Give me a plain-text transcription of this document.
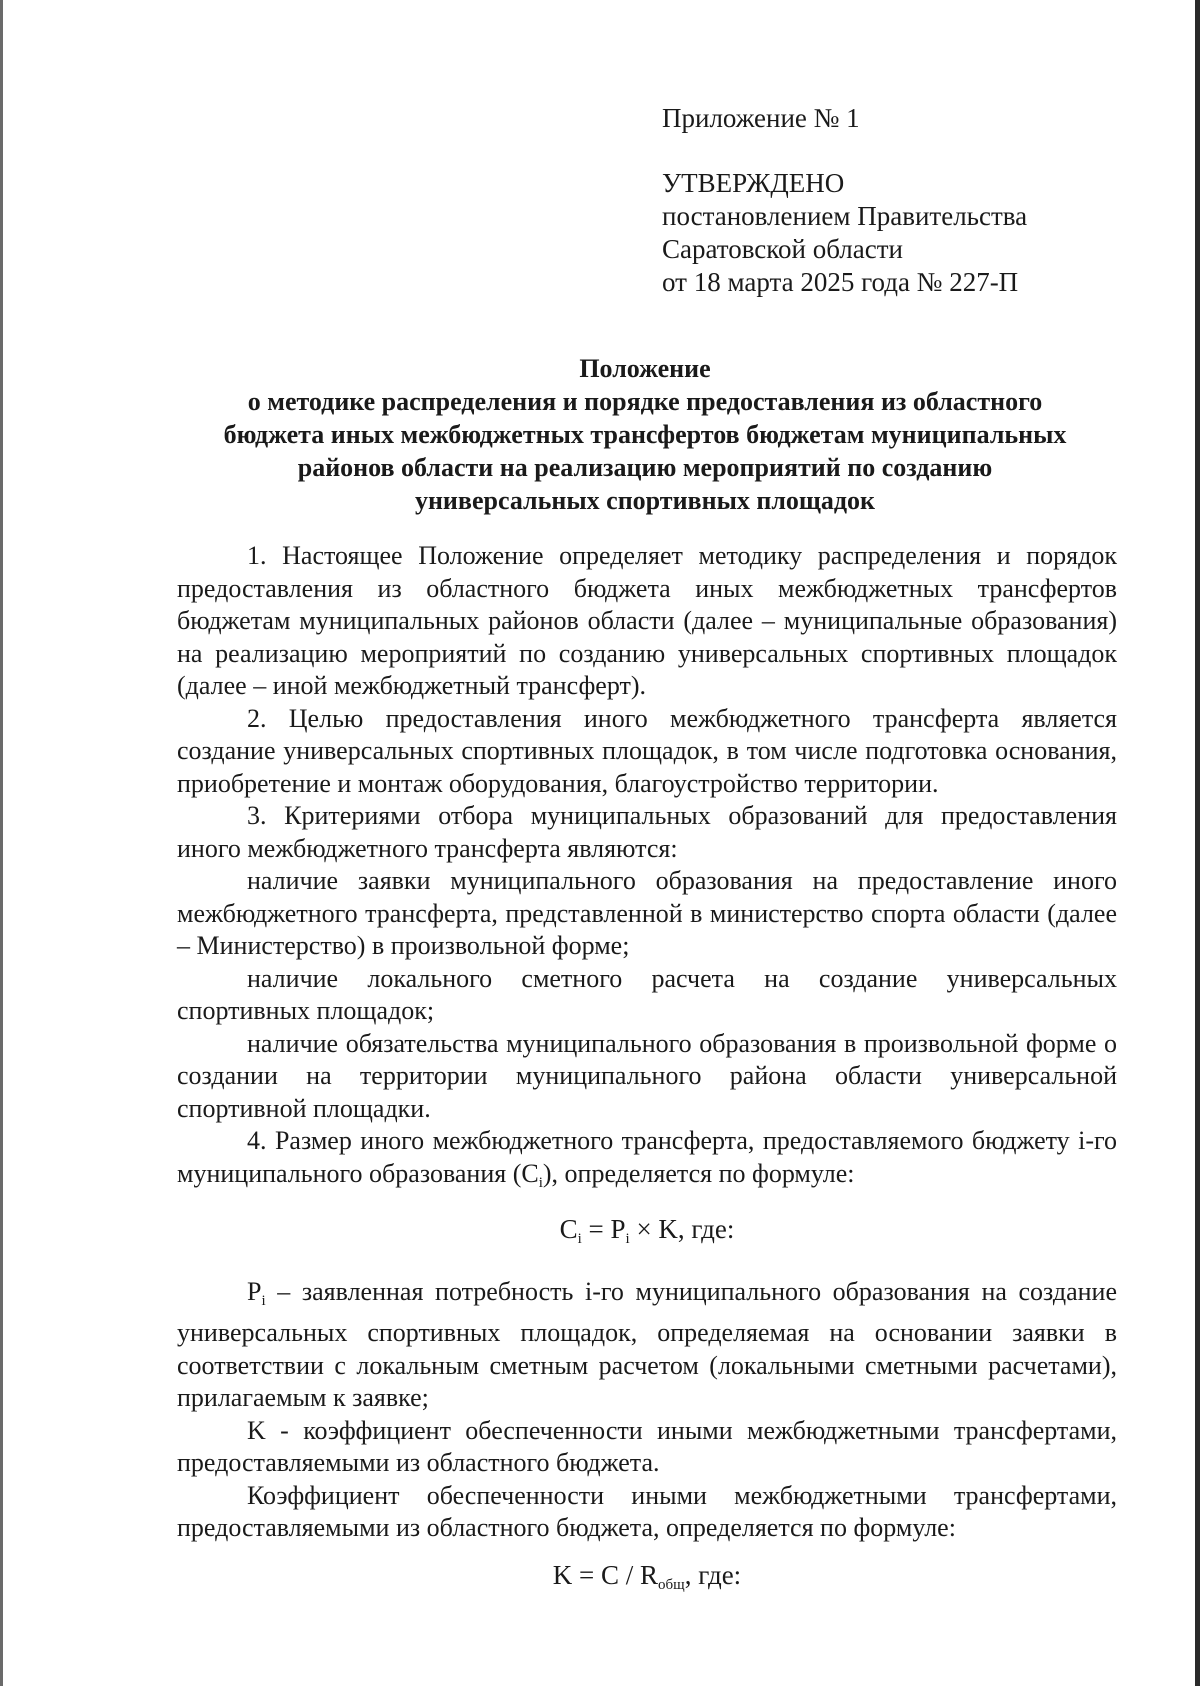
Приложение № 1
УТВЕРЖДЕНО
постановлением Правительства
Саратовской области
от 18 марта 2025 года № 227-П
Положение
о методике распределения и порядке предоставления из областного
бюджета иных межбюджетных трансфертов бюджетам муниципальных
районов области на реализацию мероприятий по созданию
универсальных спортивных площадок

1. Настоящее Положение определяет методику распределения и порядок предоставления из областного бюджета иных межбюджетных трансфертов бюджетам муниципальных районов области (далее – муниципальные образования) на реализацию мероприятий по созданию универсальных спортивных площадок (далее – иной межбюджетный трансферт).

2. Целью предоставления иного межбюджетного трансферта является создание универсальных спортивных площадок, в том числе подготовка основания, приобретение и монтаж оборудования, благоустройство территории.

3. Критериями отбора муниципальных образований для предоставления иного межбюджетного трансферта являются:

наличие заявки муниципального образования на предоставление иного межбюджетного трансферта, представленной в министерство спорта области (далее – Министерство) в произвольной форме;

наличие локального сметного расчета на создание универсальных спортивных площадок;

наличие обязательства муниципального образования в произвольной форме о создании на территории муниципального района области универсальной спортивной площадки.

4. Размер иного межбюджетного трансферта, предоставляемого бюджету i-го муниципального образования $(C_i)$, определяется по формуле:

$C_i = P_i \times K$, где:

$P_i$ – заявленная потребность i-го муниципального образования на создание универсальных спортивных площадок, определяемая на основании заявки в соответствии с локальным сметным расчетом (локальными сметными расчетами), прилагаемым к заявке;

K - коэффициент обеспеченности иными межбюджетными трансфертами, предоставляемыми из областного бюджета.

Коэффициент обеспеченности иными межбюджетными трансфертами, предоставляемыми из областного бюджета, определяется по формуле:

$K = C / R_{общ}$, где:
